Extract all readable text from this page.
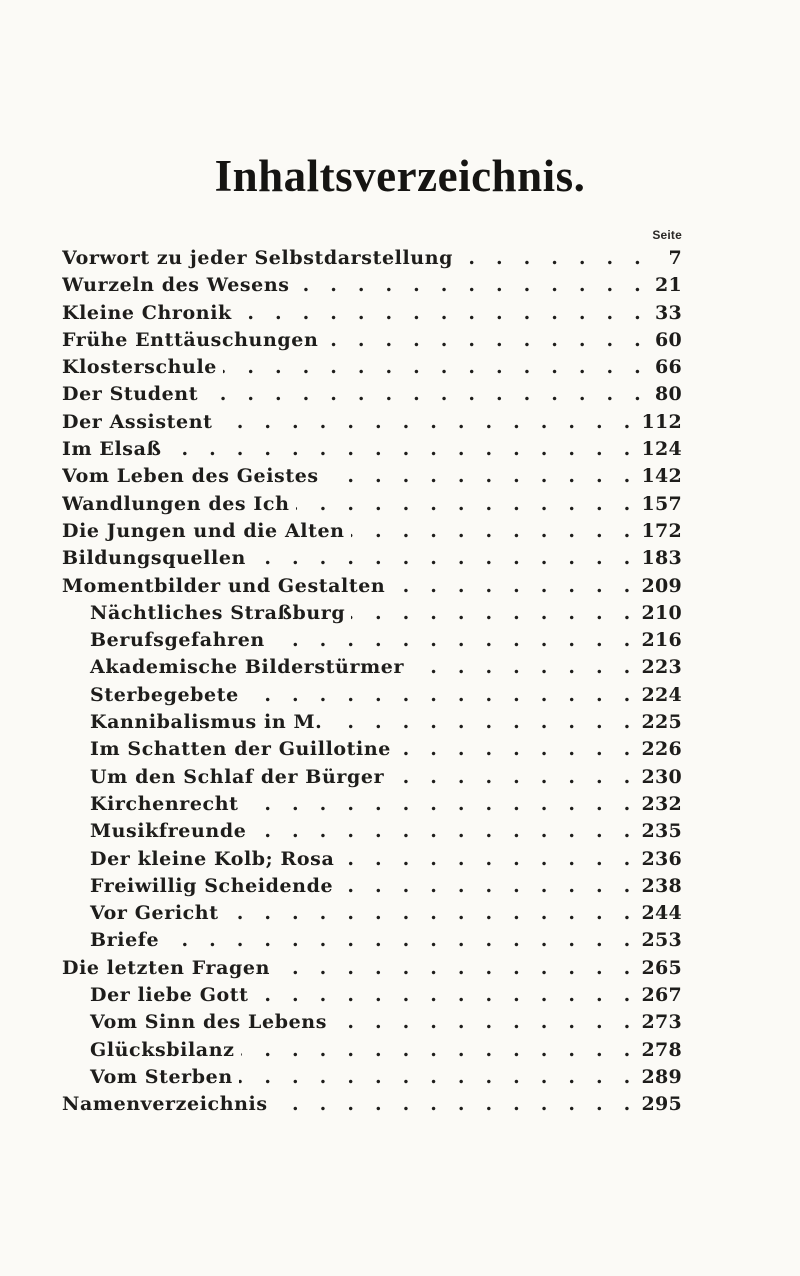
Inhaltsverzeichnis.
Seite
Vorwort zu jeder Selbstdarstellung . . .	7
Wurzeln des Wesens . . .	21
Kleine Chronik . . .	33
Frühe Enttäuschungen . . .	60
Klosterschule . . .	66
Der Student . . .	80
Der Assistent . . .	112
Im Elsaß . . .	124
Vom Leben des Geistes . . .	142
Wandlungen des Ich . . .	157
Die Jungen und die Alten . . .	172
Bildungsquellen . . .	183
Momentbilder und Gestalten . . .	209
Nächtliches Straßburg . . .	210
Berufsgefahren . . .	216
Akademische Bilderstürmer . . .	223
Sterbegebete . . .	224
Kannibalismus in M. . . .	225
Im Schatten der Guillotine . . .	226
Um den Schlaf der Bürger . . .	230
Kirchenrecht . . .	232
Musikfreunde . . .	235
Der kleine Kolb; Rosa . . .	236
Freiwillig Scheidende . . .	238
Vor Gericht . . .	244
Briefe . . .	253
Die letzten Fragen . . .	265
Der liebe Gott . . .	267
Vom Sinn des Lebens . . .	273
Glücksbilanz . . .	278
Vom Sterben . . .	289
Namenverzeichnis . . .	295
